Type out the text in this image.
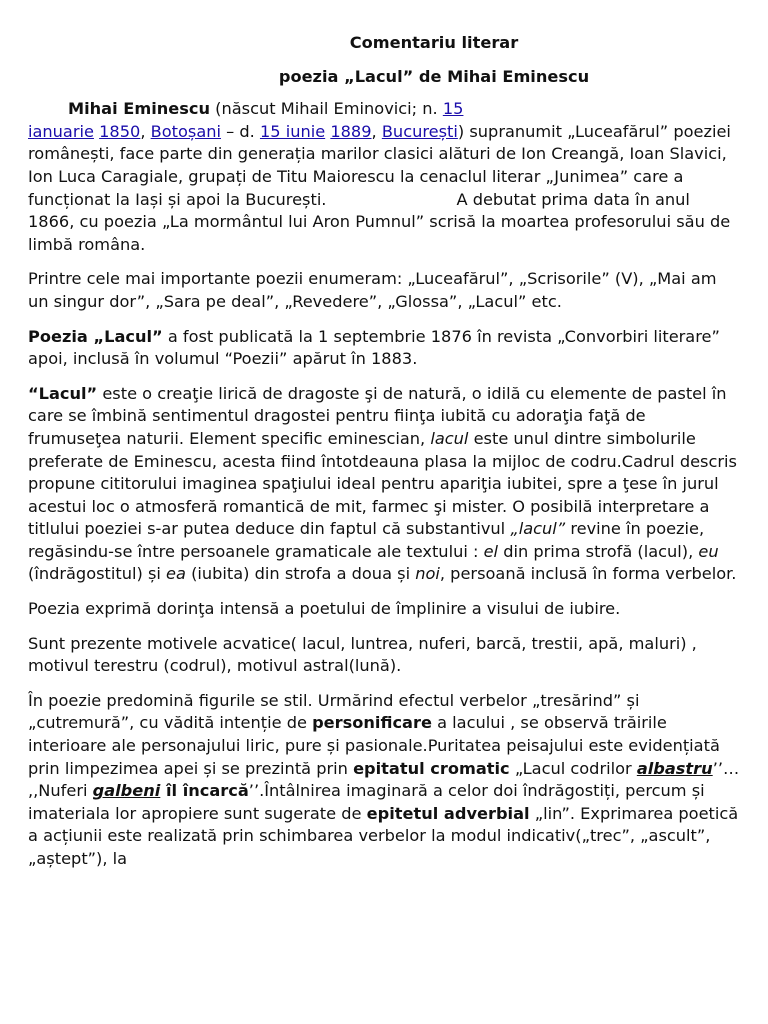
Comentariu literar
poezia „Lacul” de Mihai Eminescu

Mihai Eminescu (născut Mihail Eminovici; n. 15
ianuarie 1850, Botoșani – d. 15 iunie 1889, București) supranumit „Luceafărul” poeziei românești, face parte din generația marilor clasici alături de Ion Creangă, Ioan Slavici, Ion Luca Caragiale, grupați de Titu Maiorescu la cenaclul literar „Junimea” care a funcționat la Iași și apoi la București.	A debutat prima data în anul 1866, cu poezia „La mormântul lui Aron Pumnul” scrisă la moartea profesorului său de limbă româna.

Printre cele mai importante poezii enumeram: „Luceafărul”, „Scrisorile” (V), „Mai am un singur dor”, „Sara pe deal”, „Revedere”, „Glossa”, „Lacul” etc.

Poezia „Lacul” a fost publicată la 1 septembrie 1876 în revista „Convorbiri literare” apoi, inclusă în volumul “Poezii” apărut în 1883.

“Lacul” este o creaţie lirică de dragoste şi de natură, o idilă cu elemente de pastel în care se îmbină sentimentul dragostei pentru fiinţa iubită cu adoraţia faţă de frumuseţea naturii. Element specific eminescian, lacul este unul dintre simbolurile preferate de Eminescu, acesta fiind întotdeauna plasa la mijloc de codru.Cadrul descris propune cititorului imaginea spaţiului ideal pentru apariţia iubitei, spre a ţese în jurul acestui loc o atmosferă romantică de mit, farmec şi mister. O posibilă interpretare a titlului poeziei s-ar putea deduce din faptul că substantivul „lacul” revine în poezie, regăsindu-se între persoanele gramaticale ale textului : el din prima strofă (lacul), eu (îndrăgostitul) și ea (iubita) din strofa a doua și noi, persoană inclusă în forma verbelor.

Poezia exprimă dorinţa intensă a poetului de împlinire a visului de iubire.

Sunt prezente motivele acvatice( lacul, luntrea, nuferi, barcă, trestii, apă, maluri) , motivul terestru (codrul), motivul astral(lună).

În poezie predomină figurile se stil. Urmărind efectul verbelor „tresărind” și „cutremură”, cu vădită intenție de personificare a lacului , se observă trăirile interioare ale personajului liric, pure și pasionale.Puritatea peisajului este evidențiată prin limpezimea apei și se prezintă prin epitatul cromatic „Lacul codrilor albastru’’… ,,Nuferi galbeni îl încarcă’’.Întâlnirea imaginară a celor doi îndrăgostiți, percum și imateriala lor apropiere sunt sugerate de epitetul adverbial „lin”. Exprimarea poetică a acțiunii este realizată prin schimbarea verbelor la modul indicativ(„trec”, „ascult”, „aștept”), la
